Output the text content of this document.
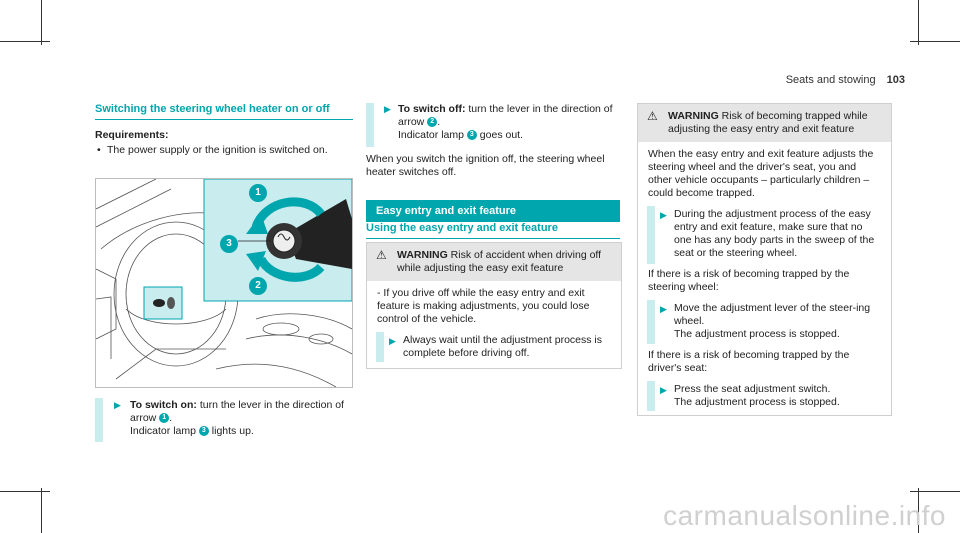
Seats and stowing 103
Switching the steering wheel heater on or off
Requirements:
• The power supply or the ignition is switched on.
1
3
2
▶ To switch on: turn the lever in the direction of arrow 1 .
Indicator lamp 3 lights up.
▶ To switch off: turn the lever in the direction of arrow 2 .
Indicator lamp 3 goes out.
When you switch the ignition off, the steering wheel heater switches off.
Easy entry and exit feature
Using the easy entry and exit feature
⚠ WARNING Risk of accident when driving off while adjusting the easy exit feature
- If you drive off while the easy entry and exit feature is making adjustments, you could lose control of the vehicle.
▶ Always wait until the adjustment process is complete before driving off.
⚠ WARNING Risk of becoming trapped while adjusting the easy entry and exit feature
When the easy entry and exit feature adjusts the steering wheel and the driver's seat, you and other vehicle occupants – particularly children – could become trapped.
▶ During the adjustment process of the easy entry and exit feature, make sure that no one has any body parts in the sweep of the seat or the steering wheel.
If there is a risk of becoming trapped by the steering wheel:
▶ Move the adjustment lever of the steer-ing wheel.
The adjustment process is stopped.
If there is a risk of becoming trapped by the driver's seat:
▶ Press the seat adjustment switch.
The adjustment process is stopped.
carmanualsonline.info
